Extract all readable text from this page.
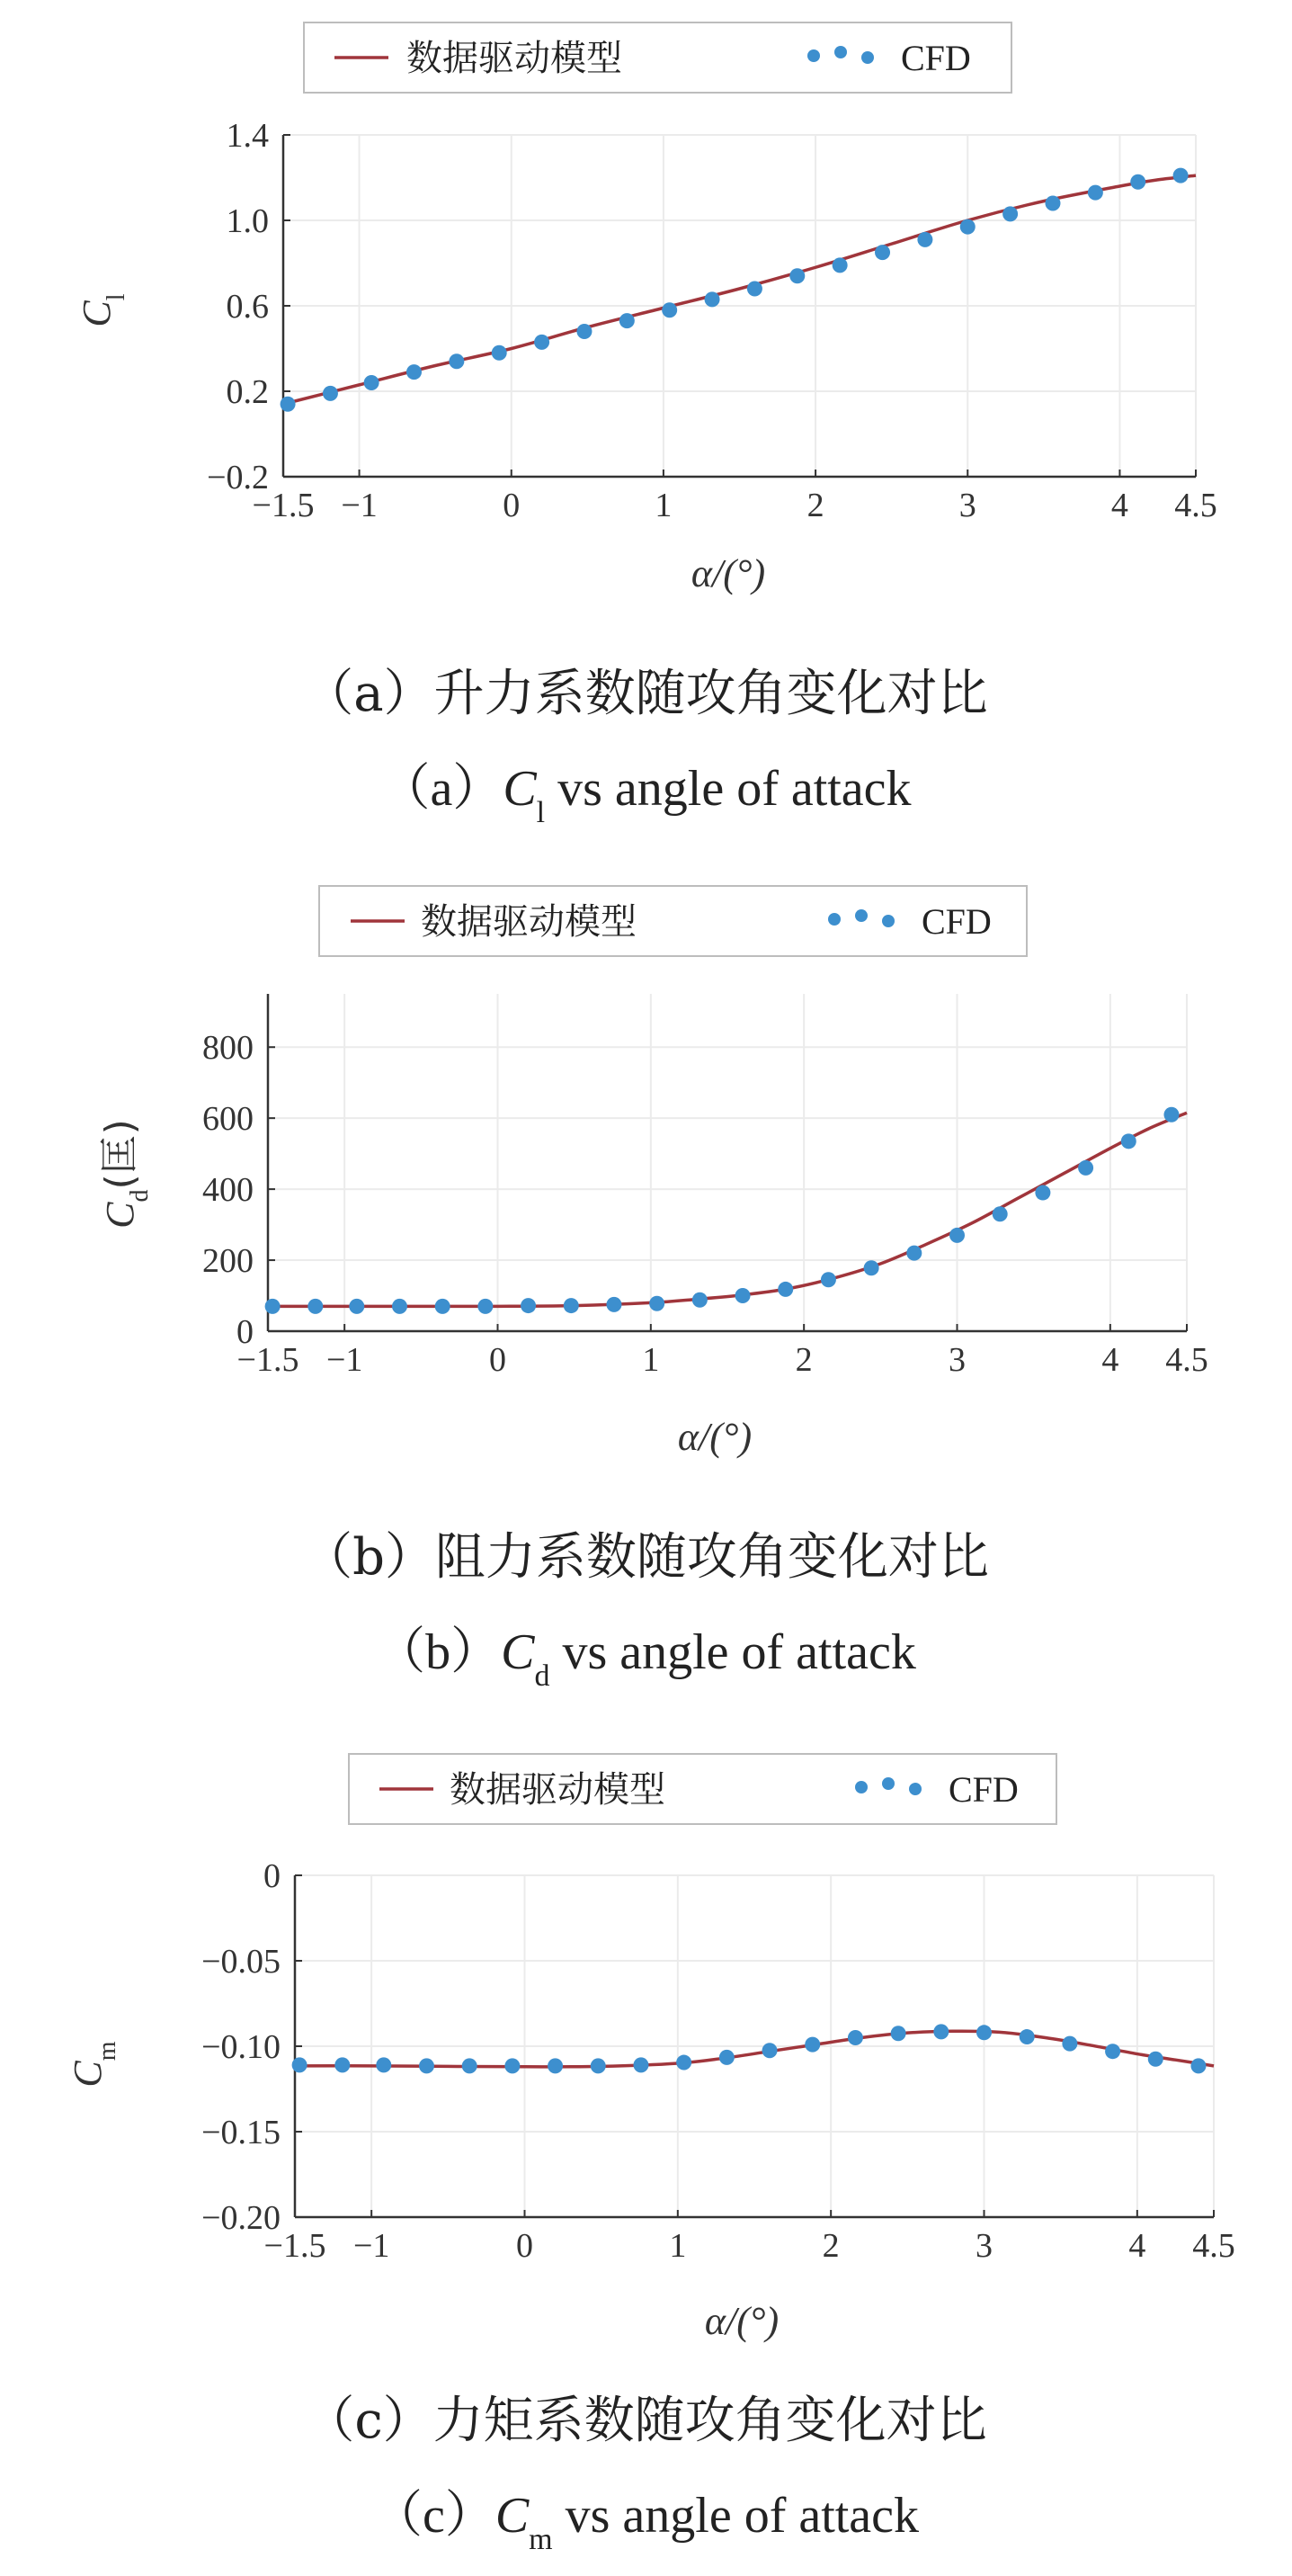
数据驱动模型	CFD
−1.5 −1	0	1	2	3	4 4.5
−0.2
0.2
0.6
1.0
1.4
$C_l$
α/(°)
（a）升力系数随攻角变化对比
$(a)C_l$ vs angle of attack
数据驱动模型	CFD
−1.5 −1	0	1	2	3	4 4.5
0
200
400
600
800
$C_d$(匡)
α/(°)
（b）阻力系数随攻角变化对比
$(b)C_d$ vs angle of attack
数据驱动模型	CFD
−1.5 −1	0	1	2	3	4 4.5
−0.20
−0.15
−0.10
−0.05
0
$C_m$
α/(°)
（c）力矩系数随攻角变化对比
$(c)C_m$ vs angle of attack
